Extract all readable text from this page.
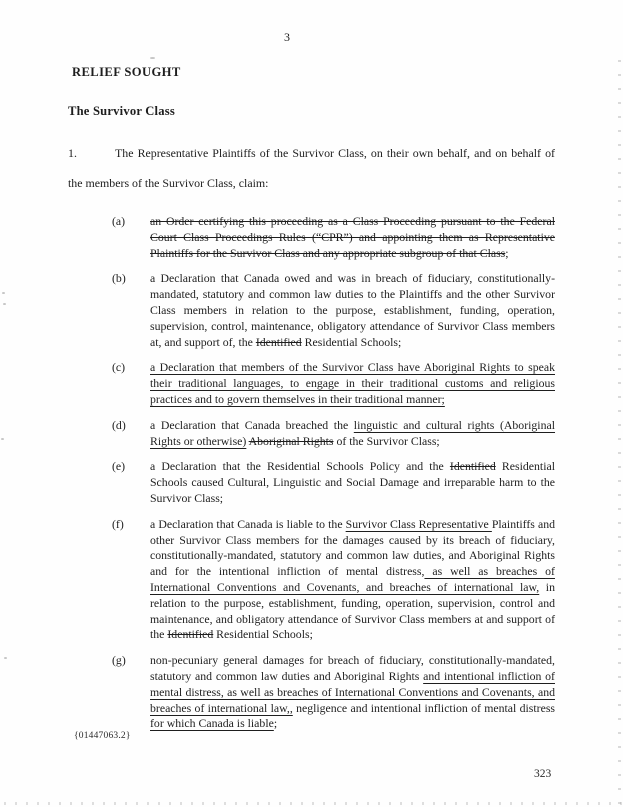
3
RELIEF SOUGHT
The Survivor Class
1.	The Representative Plaintiffs of the Survivor Class, on their own behalf, and on behalf of the members of the Survivor Class, claim:
(a) an Order certifying this proceeding as a Class Proceeding pursuant to the Federal Court Class Proceedings Rules (“CPR”) and appointing them as Representative Plaintiffs for the Survivor Class and any appropriate subgroup of that Class;

(b) a Declaration that Canada owed and was in breach of fiduciary, constitutionally-mandated, statutory and common law duties to the Plaintiffs and the other Survivor Class members in relation to the purpose, establishment, funding, operation, supervision, control, maintenance, obligatory attendance of Survivor Class members at, and support of, the Identified Residential Schools;

(c) a Declaration that members of the Survivor Class have Aboriginal Rights to speak their traditional languages, to engage in their traditional customs and religious practices and to govern themselves in their traditional manner;

(d) a Declaration that Canada breached the linguistic and cultural rights (Aboriginal Rights or otherwise) Aboriginal Rights of the Survivor Class;

(e) a Declaration that the Residential Schools Policy and the Identified Residential Schools caused Cultural, Linguistic and Social Damage and irreparable harm to the Survivor Class;

(f) a Declaration that Canada is liable to the Survivor Class Representative Plaintiffs and other Survivor Class members for the damages caused by its breach of fiduciary, constitutionally-mandated, statutory and common law duties, and Aboriginal Rights and for the intentional infliction of mental distress, as well as breaches of International Conventions and Covenants, and breaches of international law, in relation to the purpose, establishment, funding, operation, supervision, control and maintenance, and obligatory attendance of Survivor Class members at and support of the Identified Residential Schools;

(g) non-pecuniary general damages for breach of fiduciary, constitutionally-mandated, statutory and common law duties and Aboriginal Rights and intentional infliction of mental distress, as well as breaches of International Conventions and Covenants, and breaches of international law,, negligence and intentional infliction of mental distress for which Canada is liable;

{01447063.2}
323
